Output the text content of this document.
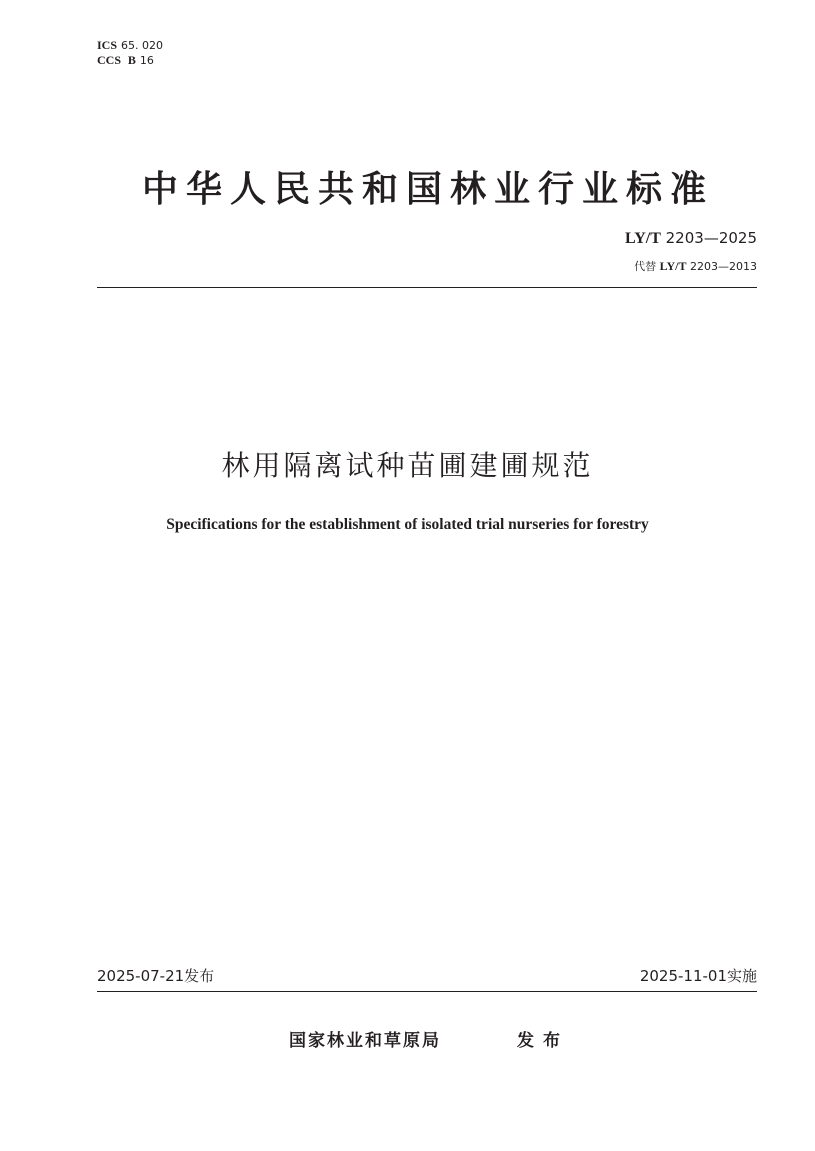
ICS 65. 020
CCS B 16
中华人民共和国林业行业标准
LY/T 2203—2025
代替 LY/T 2203—2013
林用隔离试种苗圃建圃规范
Specifications for the establishment of isolated trial nurseries for forestry
2025-07-21发布	2025-11-01实施
国家林业和草原局	发布
